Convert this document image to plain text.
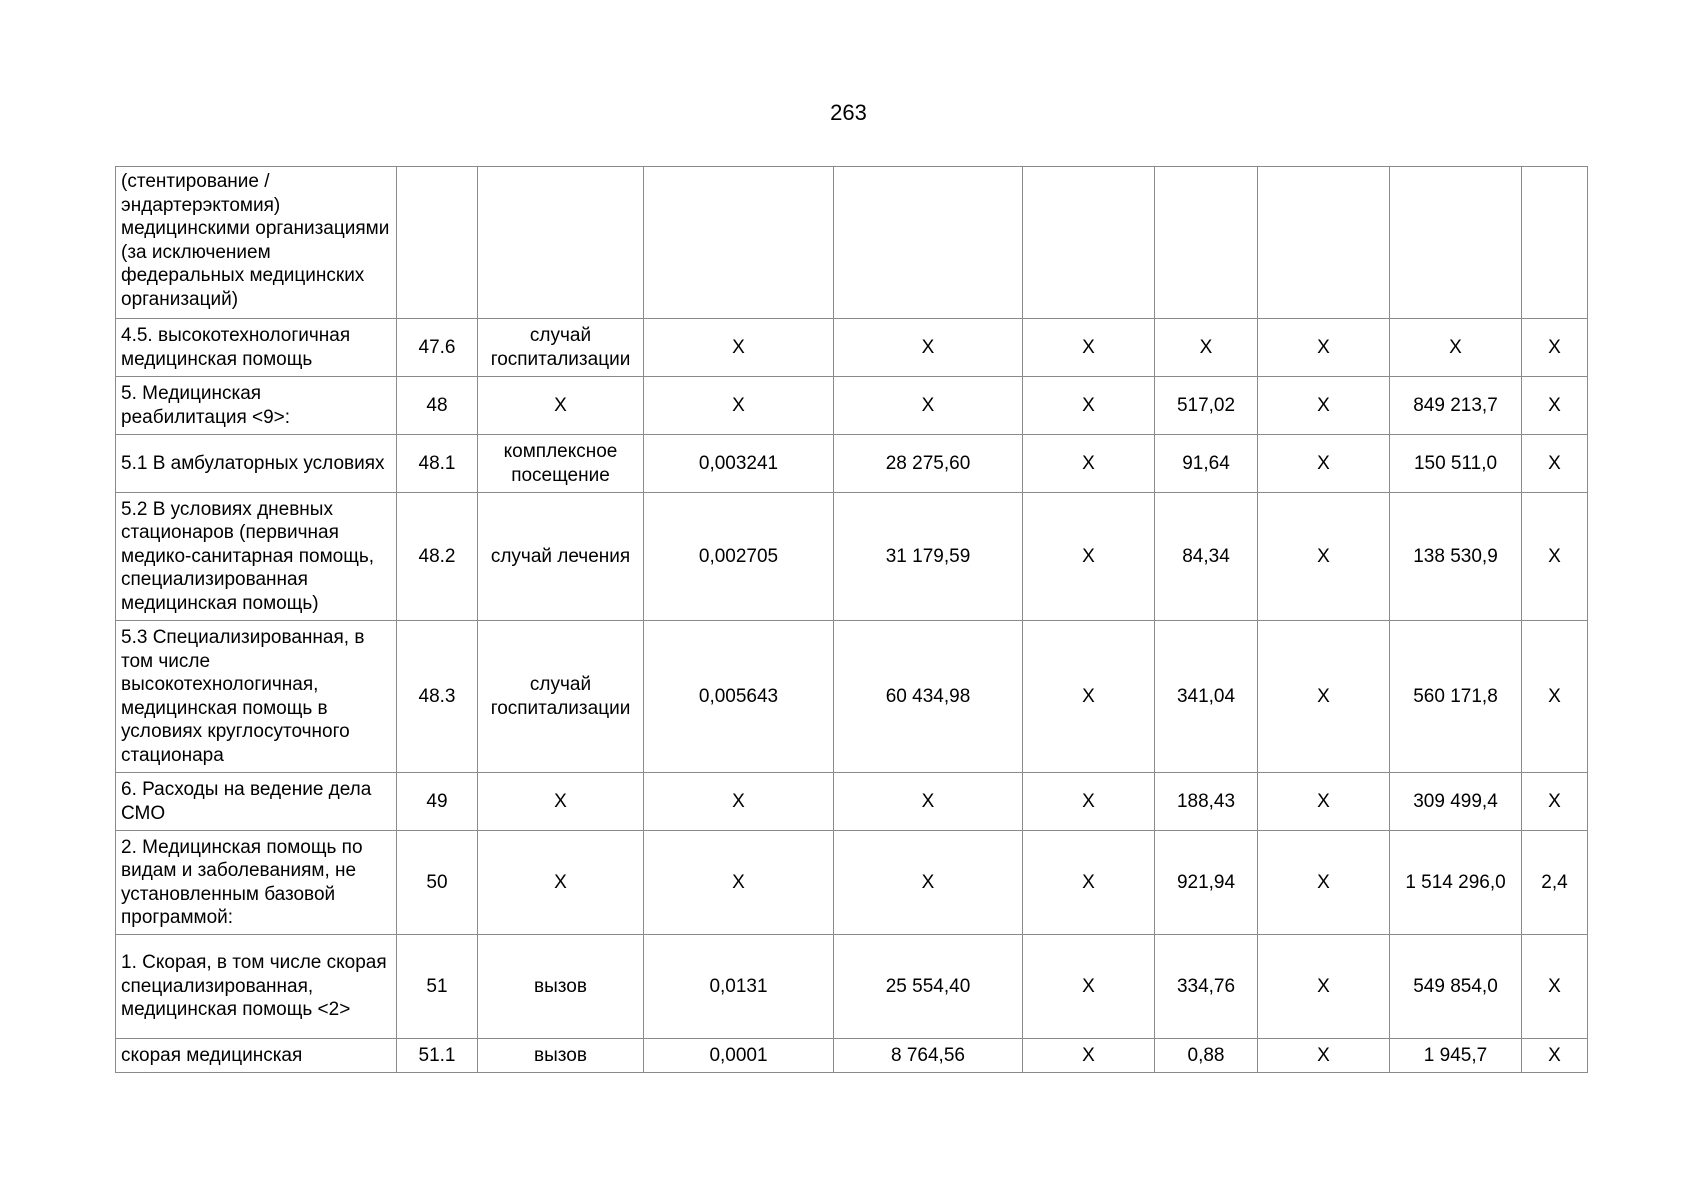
263
(стентирование / эндартерэктомия) медицинскими организациями (за исключением федеральных медицинских организаций)									
4.5. высокотехнологичная медицинская помощь	47.6	случай госпитализации	Х	Х	Х	Х	Х	Х	Х
5. Медицинская реабилитация <9>:	48	Х	Х	Х	Х	517,02	Х	849 213,7	Х
5.1 В амбулаторных условиях	48.1	комплексное посещение	0,003241	28 275,60	Х	91,64	Х	150 511,0	Х
5.2 В условиях дневных стационаров (первичная медико-санитарная помощь, специализированная медицинская помощь)	48.2	случай лечения	0,002705	31 179,59	Х	84,34	Х	138 530,9	Х
5.3 Специализированная, в том числе высокотехнологичная, медицинская помощь в условиях круглосуточного стационара	48.3	случай госпитализации	0,005643	60 434,98	Х	341,04	Х	560 171,8	Х
6. Расходы на ведение дела СМО	49	Х	Х	Х	Х	188,43	Х	309 499,4	Х
2. Медицинская помощь по видам и заболеваниям, не установленным базовой программой:	50	Х	Х	Х	Х	921,94	Х	1 514 296,0	2,4
1. Скорая, в том числе скорая специализированная, медицинская помощь <2>	51	вызов	0,0131	25 554,40	Х	334,76	Х	549 854,0	Х
скорая медицинская	51.1	вызов	0,0001	8 764,56	Х	0,88	Х	1 945,7	Х
